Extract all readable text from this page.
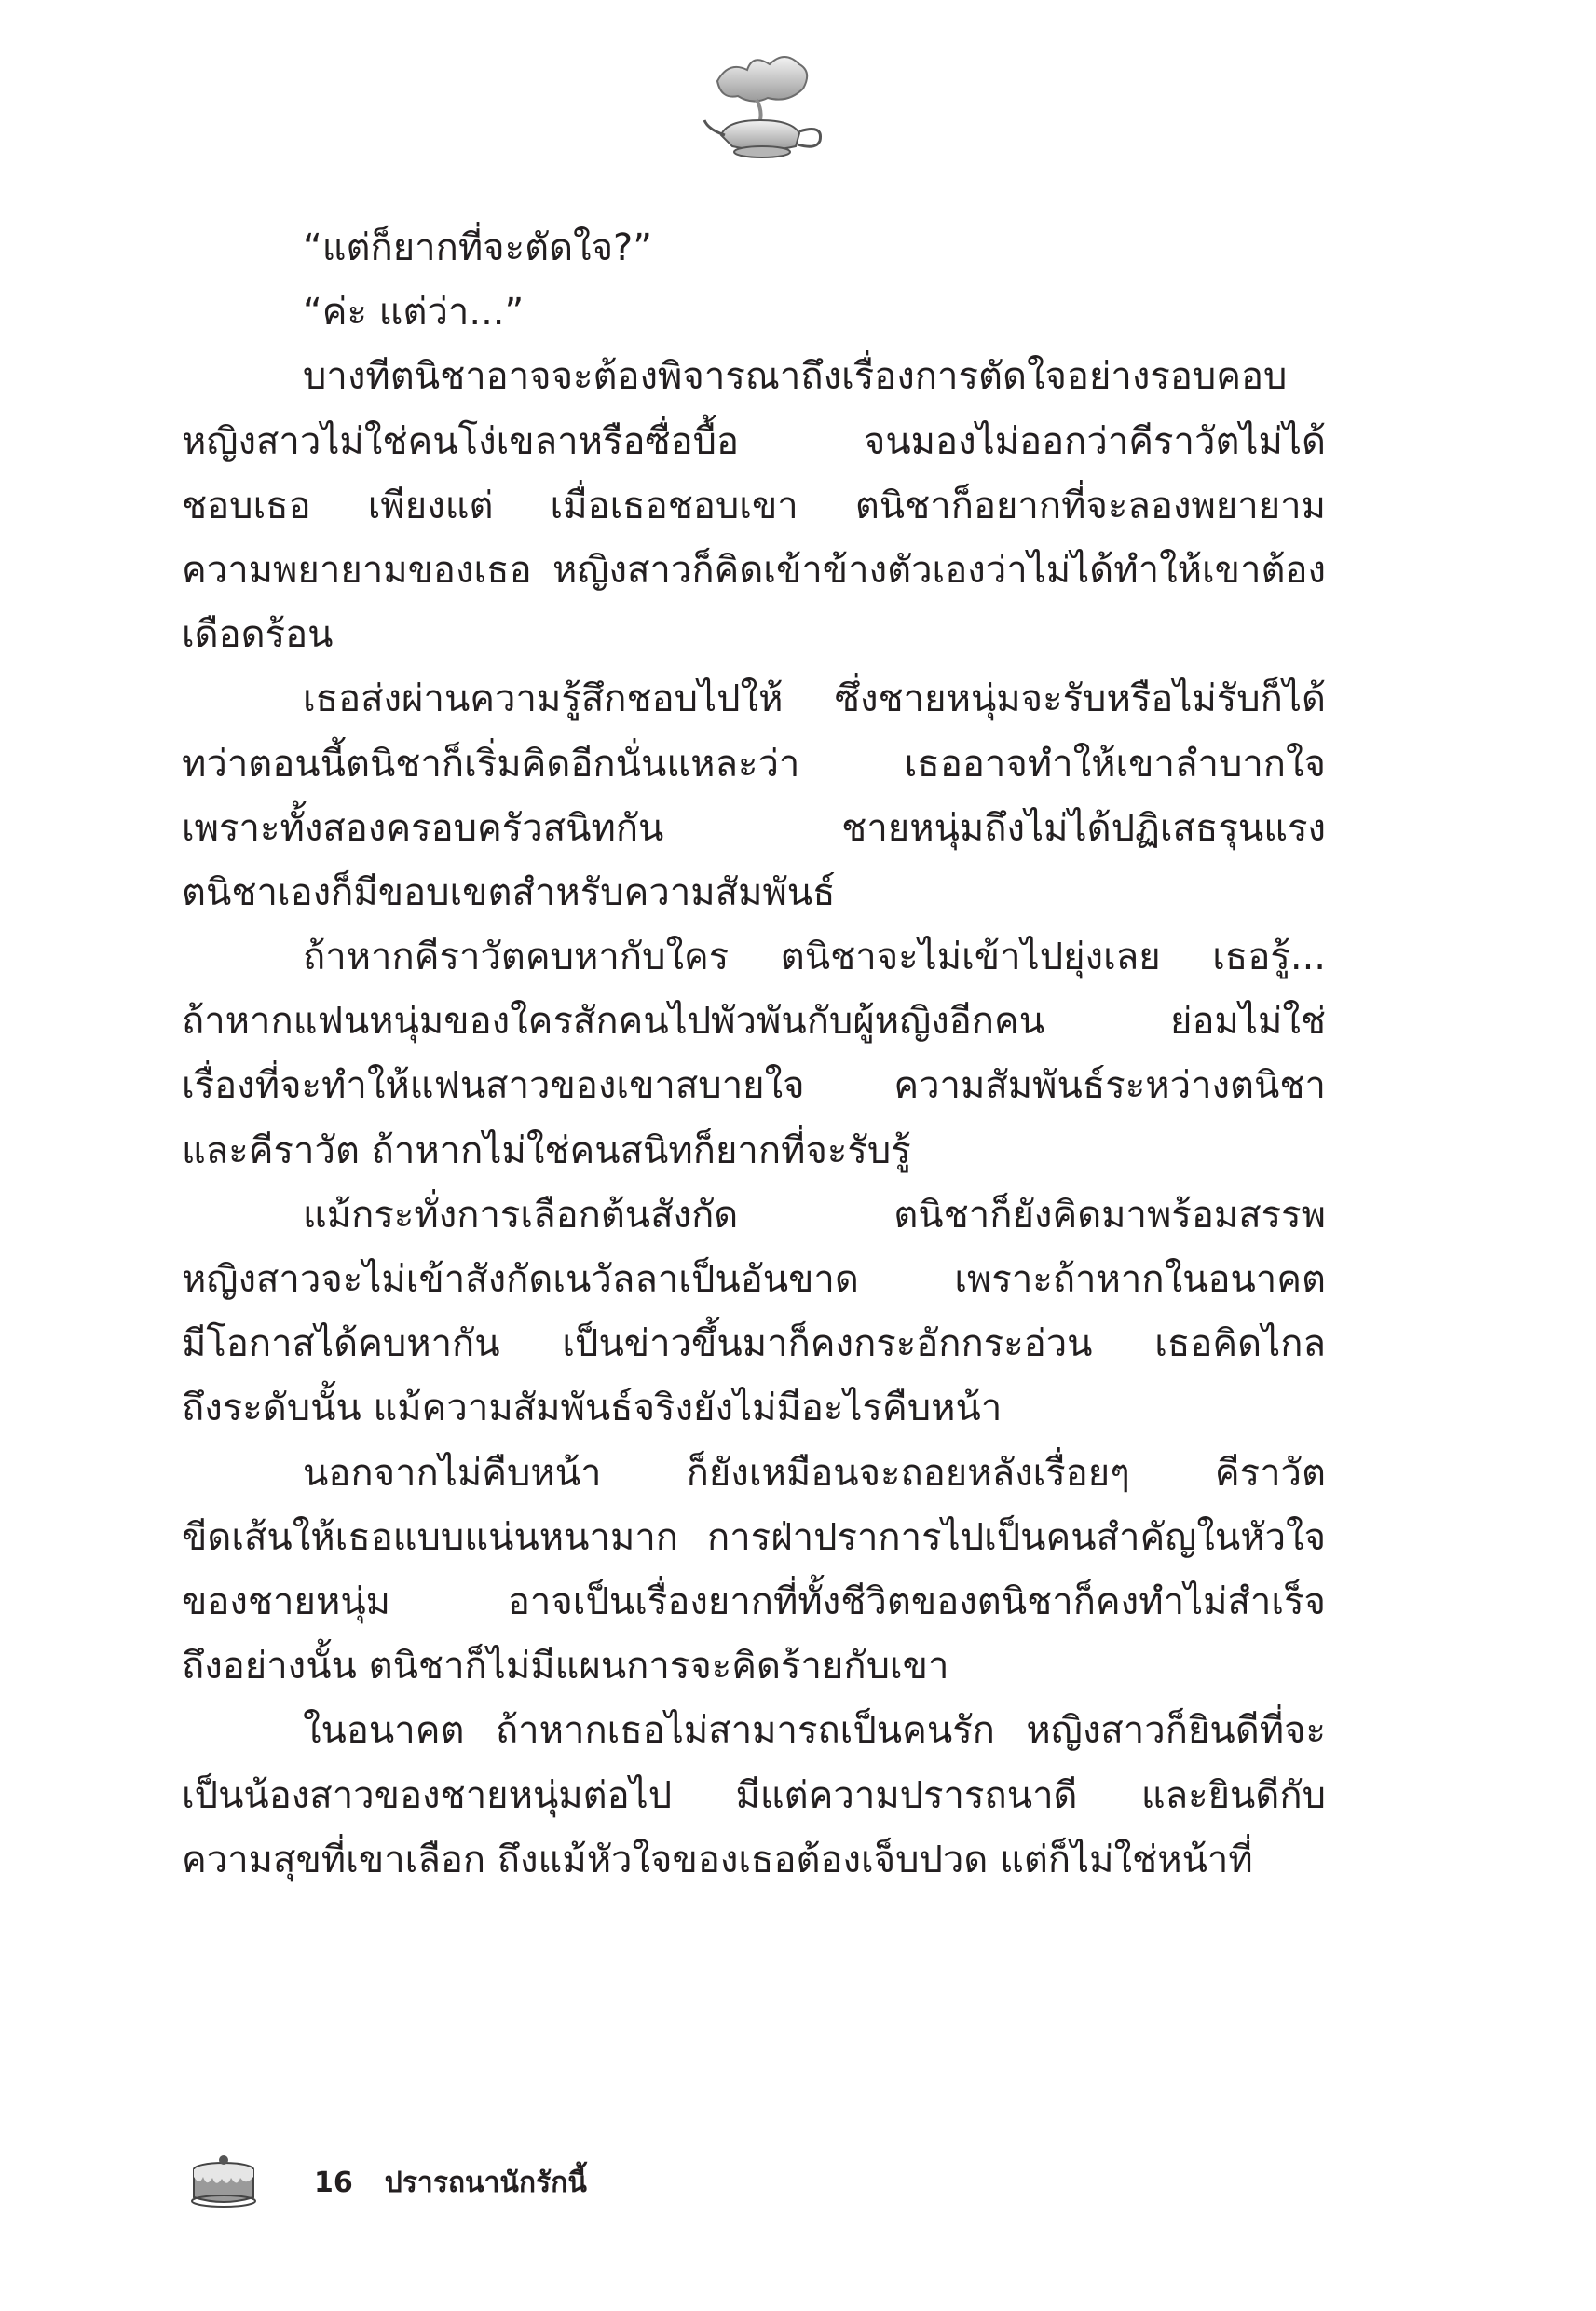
“แต่ก็ยากที่จะตัดใจ?”
“ค่ะ แต่ว่า...”
บางทีตนิชาอาจจะต้องพิจารณาถึงเรื่องการตัดใจอย่างรอบคอบ
หญิงสาวไม่ใช่คนโง่เขลาหรือซื่อบื้อ จนมองไม่ออกว่าคีราวัตไม่ได้
ชอบเธอ เพียงแต่ เมื่อเธอชอบเขา ตนิชาก็อยากที่จะลองพยายาม
ความพยายามของเธอ หญิงสาวก็คิดเข้าข้างตัวเองว่าไม่ได้ทำให้เขาต้อง
เดือดร้อน
เธอส่งผ่านความรู้สึกชอบไปให้ ซึ่งชายหนุ่มจะรับหรือไม่รับก็ได้
ทว่าตอนนี้ตนิชาก็เริ่มคิดอีกนั่นแหละว่า เธออาจทำให้เขาลำบากใจ
เพราะทั้งสองครอบครัวสนิทกัน ชายหนุ่มถึงไม่ได้ปฏิเสธรุนแรง
ตนิชาเองก็มีขอบเขตสำหรับความสัมพันธ์
ถ้าหากคีราวัตคบหากับใคร ตนิชาจะไม่เข้าไปยุ่งเลย เธอรู้...
ถ้าหากแฟนหนุ่มของใครสักคนไปพัวพันกับผู้หญิงอีกคน ย่อมไม่ใช่
เรื่องที่จะทำให้แฟนสาวของเขาสบายใจ ความสัมพันธ์ระหว่างตนิชา
และคีราวัต ถ้าหากไม่ใช่คนสนิทก็ยากที่จะรับรู้
แม้กระทั่งการเลือกต้นสังกัด ตนิชาก็ยังคิดมาพร้อมสรรพ
หญิงสาวจะไม่เข้าสังกัดเนวัลลาเป็นอันขาด เพราะถ้าหากในอนาคต
มีโอกาสได้คบหากัน เป็นข่าวขึ้นมาก็คงกระอักกระอ่วน เธอคิดไกล
ถึงระดับนั้น แม้ความสัมพันธ์จริงยังไม่มีอะไรคืบหน้า
นอกจากไม่คืบหน้า ก็ยังเหมือนจะถอยหลังเรื่อยๆ คีราวัต
ขีดเส้นให้เธอแบบแน่นหนามาก การฝ่าปราการไปเป็นคนสำคัญในหัวใจ
ของชายหนุ่ม อาจเป็นเรื่องยากที่ทั้งชีวิตของตนิชาก็คงทำไม่สำเร็จ
ถึงอย่างนั้น ตนิชาก็ไม่มีแผนการจะคิดร้ายกับเขา
ในอนาคต ถ้าหากเธอไม่สามารถเป็นคนรัก หญิงสาวก็ยินดีที่จะ
เป็นน้องสาวของชายหนุ่มต่อไป มีแต่ความปรารถนาดี และยินดีกับ
ความสุขที่เขาเลือก ถึงแม้หัวใจของเธอต้องเจ็บปวด แต่ก็ไม่ใช่หน้าที่
16 ปรารถนานักรักนี้
